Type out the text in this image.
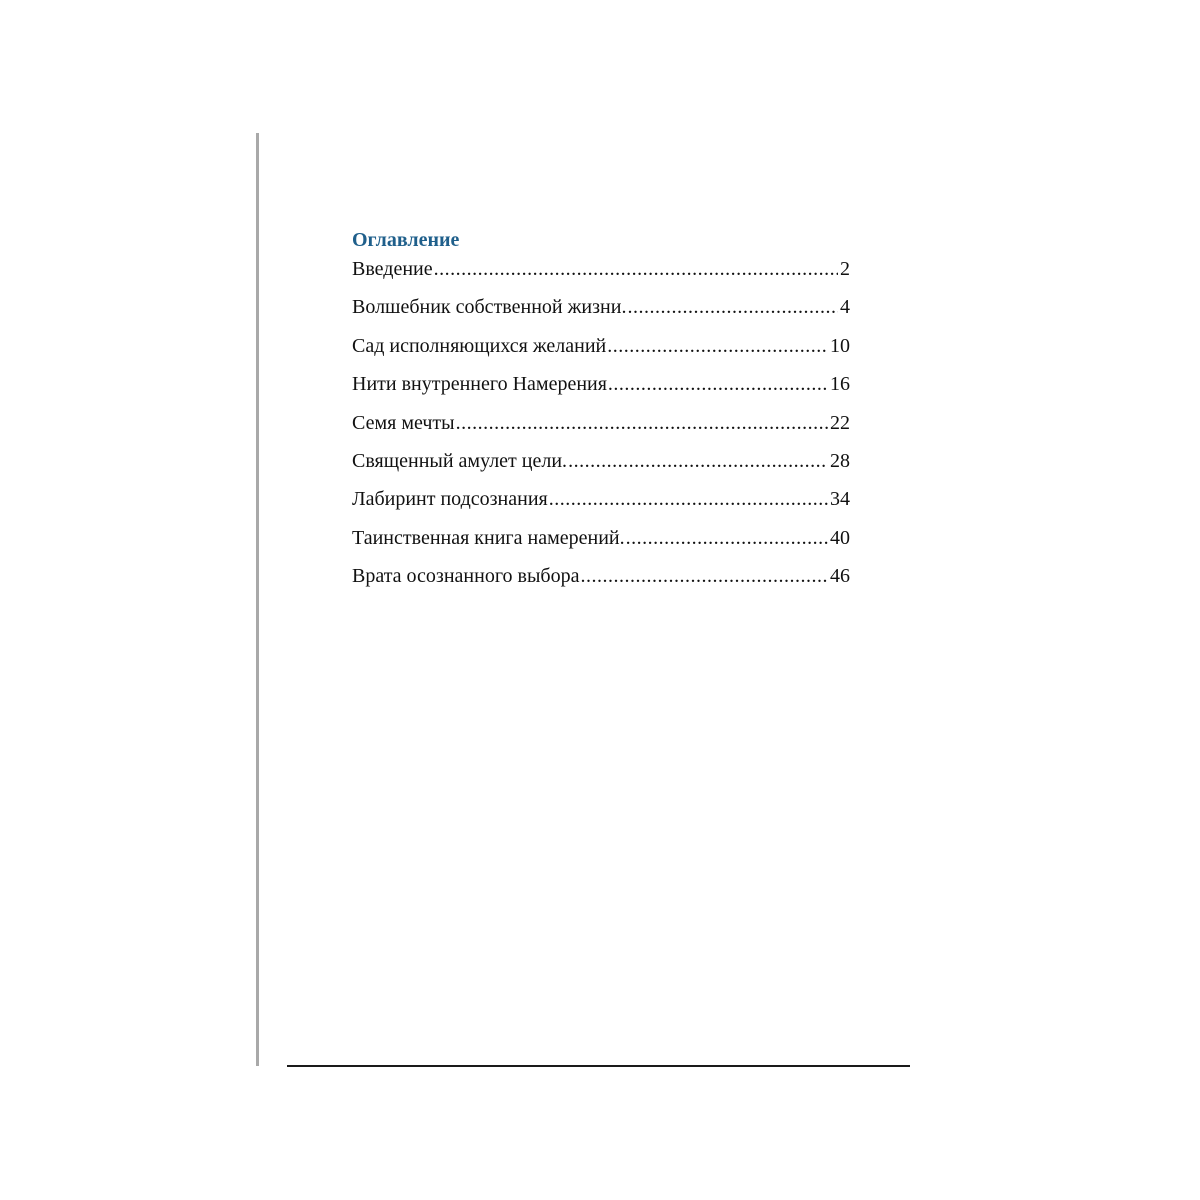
Оглавление
Введение .....	2
Волшебник собственной жизни. .....	4
Сад исполняющихся желаний .....	10
Нити внутреннего Намерения .....	16
Семя мечты .....	22
Священный амулет цели. .....	28
Лабиринт подсознания .....	34
Таинственная книга намерений. .....	40
Врата осознанного выбора .....	46
